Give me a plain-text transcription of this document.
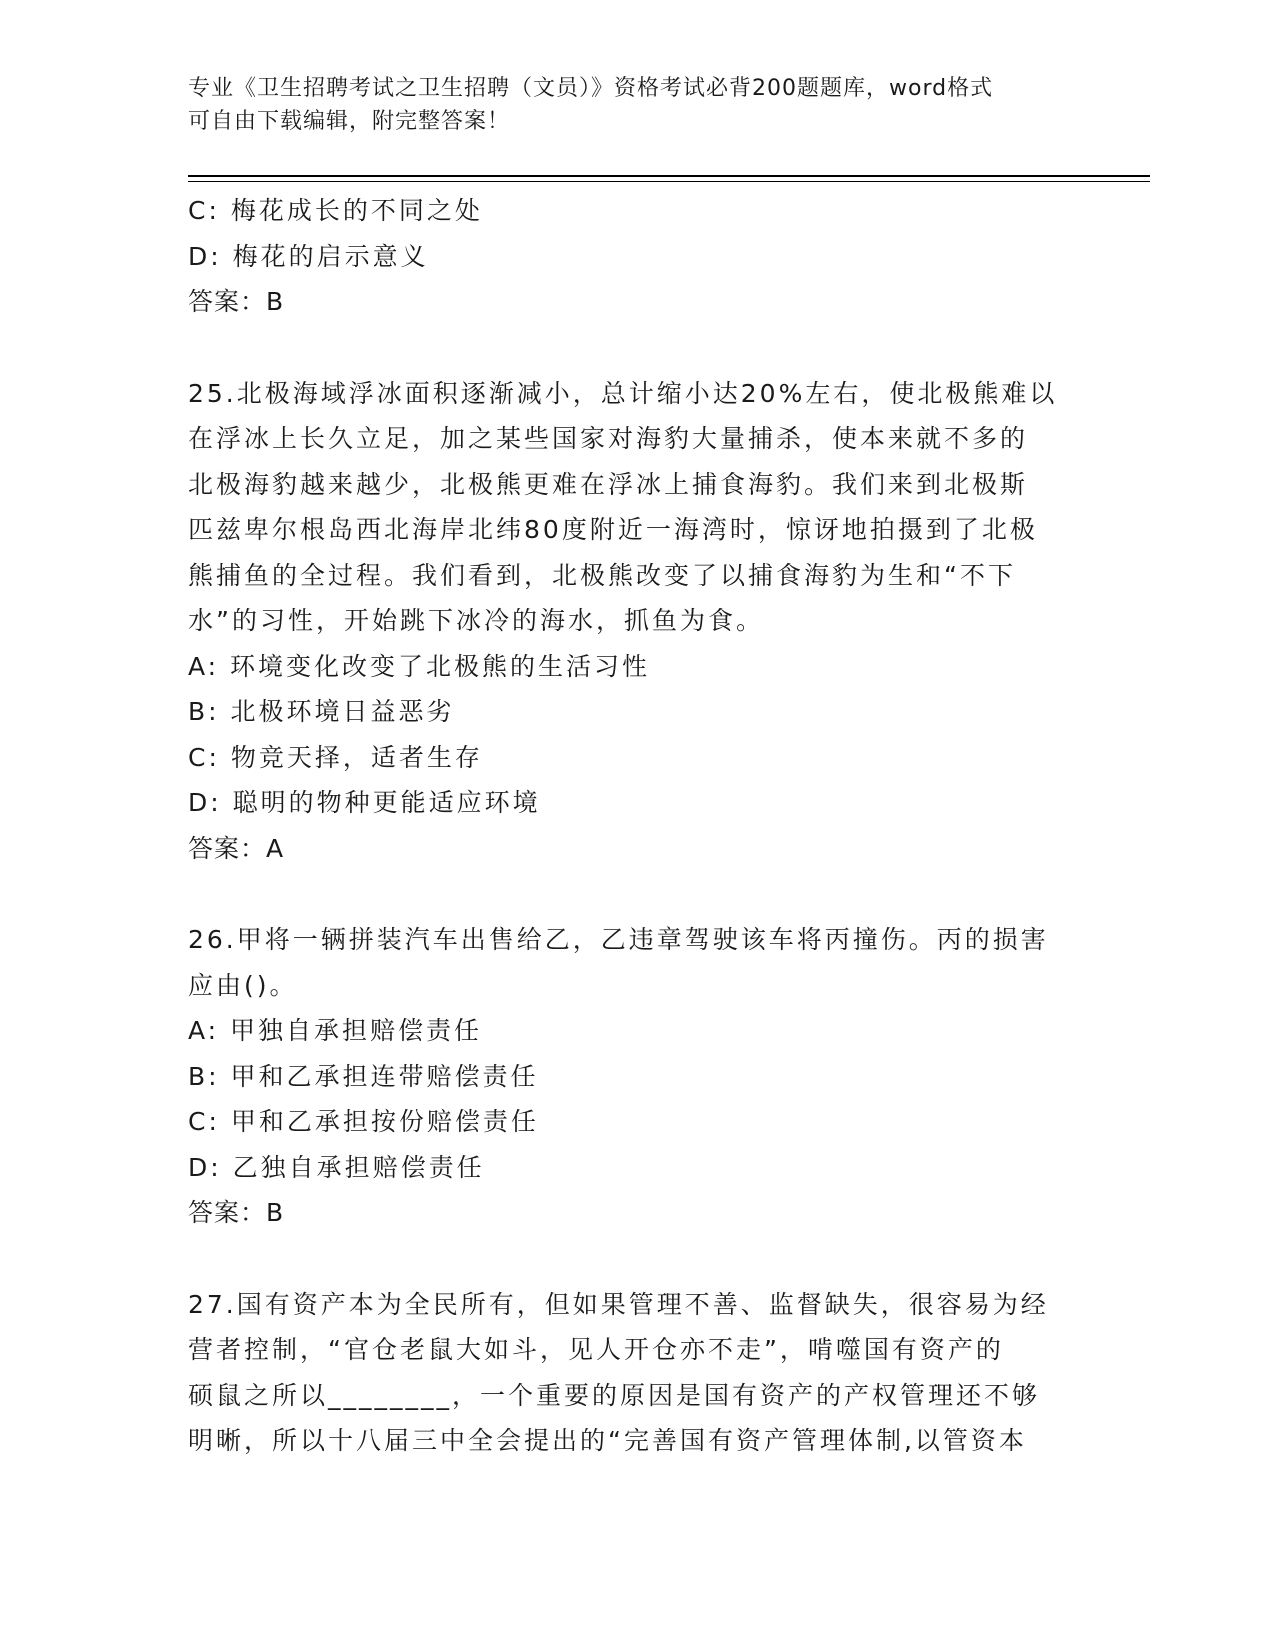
专业《卫生招聘考试之卫生招聘（文员）》资格考试必背200题题库，word格式
可自由下载编辑，附完整答案！
C: 梅花成长的不同之处
D: 梅花的启示意义
答案：B
25.北极海域浮冰面积逐渐减小，总计缩小达20%左右，使北极熊难以
在浮冰上长久立足，加之某些国家对海豹大量捕杀，使本来就不多的
北极海豹越来越少，北极熊更难在浮冰上捕食海豹。我们来到北极斯
匹兹卑尔根岛西北海岸北纬80度附近一海湾时，惊讶地拍摄到了北极
熊捕鱼的全过程。我们看到，北极熊改变了以捕食海豹为生和“不下
水”的习性，开始跳下冰冷的海水，抓鱼为食。
A: 环境变化改变了北极熊的生活习性
B: 北极环境日益恶劣
C: 物竞天择，适者生存
D: 聪明的物种更能适应环境
答案：A
26.甲将一辆拼装汽车出售给乙，乙违章驾驶该车将丙撞伤。丙的损害
应由()。
A: 甲独自承担赔偿责任
B: 甲和乙承担连带赔偿责任
C: 甲和乙承担按份赔偿责任
D: 乙独自承担赔偿责任
答案：B
27.国有资产本为全民所有，但如果管理不善、监督缺失，很容易为经
营者控制，“官仓老鼠大如斗，见人开仓亦不走”，啃噬国有资产的
硕鼠之所以________，一个重要的原因是国有资产的产权管理还不够
明晰，所以十八届三中全会提出的“完善国有资产管理体制,以管资本
